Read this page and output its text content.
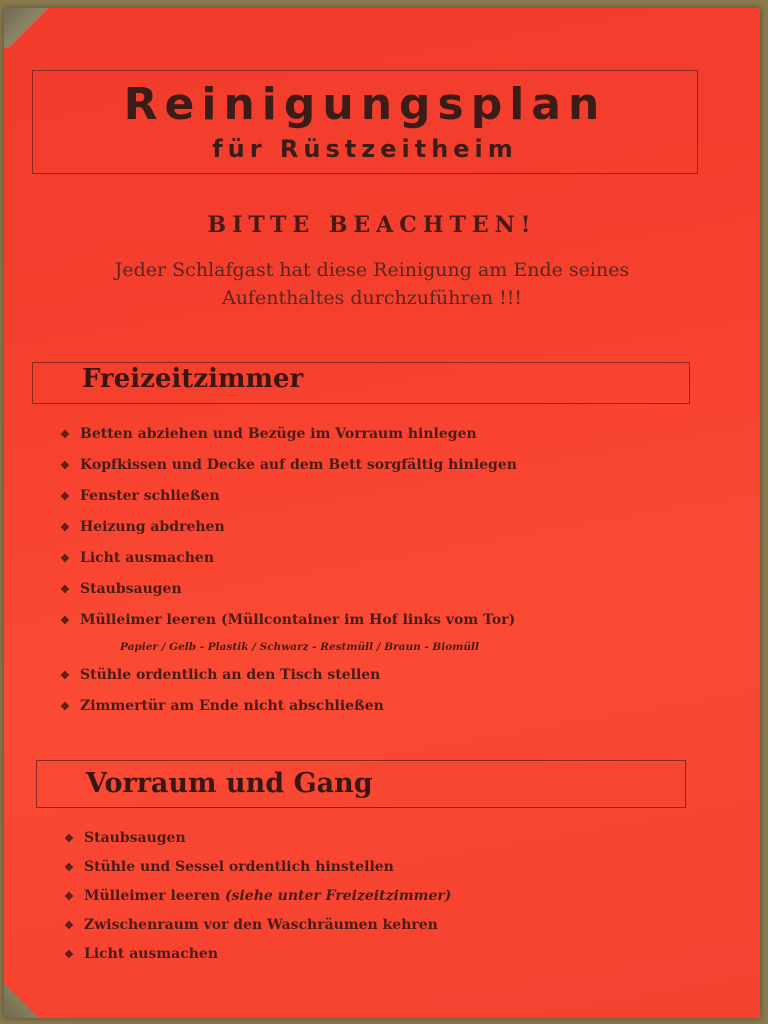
Reinigungsplan
für Rüstzeitheim
BITTE BEACHTEN!
Jeder Schlafgast hat diese Reinigung am Ende seines
Aufenthaltes durchzuführen !!!
Freizeitzimmer
❖ Betten abziehen und Bezüge im Vorraum hinlegen
❖ Kopfkissen und Decke auf dem Bett sorgfältig hinlegen
❖ Fenster schließen
❖ Heizung abdrehen
❖ Licht ausmachen
❖ Staubsaugen
❖ Mülleimer leeren (Müllcontainer im Hof links vom Tor)
Papier / Gelb - Plastik / Schwarz - Restmüll / Braun - Biomüll
❖ Stühle ordentlich an den Tisch stellen
❖ Zimmertür am Ende nicht abschließen
Vorraum und Gang
❖ Staubsaugen
❖ Stühle und Sessel ordentlich hinstellen
❖ Mülleimer leeren (siehe unter Freizeitzimmer)
❖ Zwischenraum vor den Waschräumen kehren
❖ Licht ausmachen
